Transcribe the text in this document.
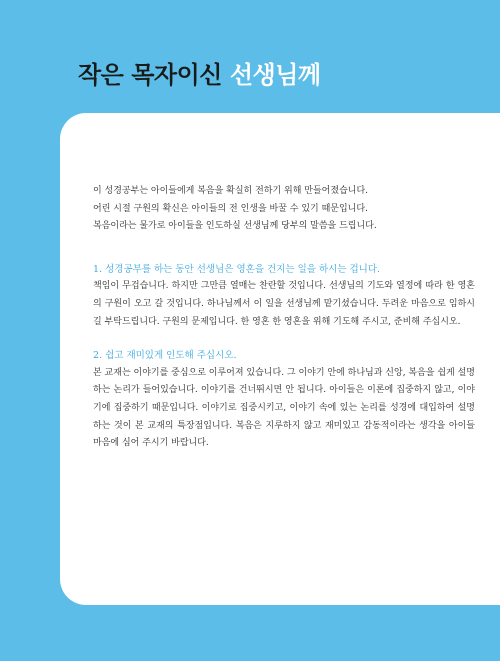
작은 목자이신 선생님께

이 성경공부는 아이들에게 복음을 확실히 전하기 위해 만들어졌습니다.

어린 시절 구원의 확신은 아이들의 전 인생을 바꿀 수 있기 때문입니다.

복음이라는 물가로 아이들을 인도하실 선생님께 당부의 말씀을 드립니다.

1. 성경공부를 하는 동안 선생님은 영혼을 건지는 일을 하시는 겁니다.

책임이 무겁습니다. 하지만 그만큼 열매는 찬란할 것입니다. 선생님의 기도와 열정에 따라 한 영혼의 구원이 오고 갈 것입니다. 하나님께서 이 일을 선생님께 맡기셨습니다. 두려운 마음으로 임하시길 부탁드립니다. 구원의 문제입니다. 한 영혼 한 영혼을 위해 기도해 주시고, 준비해 주십시오.

2. 쉽고 재미있게 인도해 주십시오.

본 교재는 이야기를 중심으로 이루어져 있습니다. 그 이야기 안에 하나님과 신앙, 복음을 쉽게 설명하는 논리가 들어있습니다. 이야기를 건너뛰시면 안 됩니다. 아이들은 이론에 집중하지 않고, 이야기에 집중하기 때문입니다. 이야기로 집중시키고, 이야기 속에 있는 논리를 성경에 대입하여 설명하는 것이 본 교재의 특장점입니다. 복음은 지루하지 않고 재미있고 감동적이라는 생각을 아이들 마음에 심어 주시기 바랍니다.
